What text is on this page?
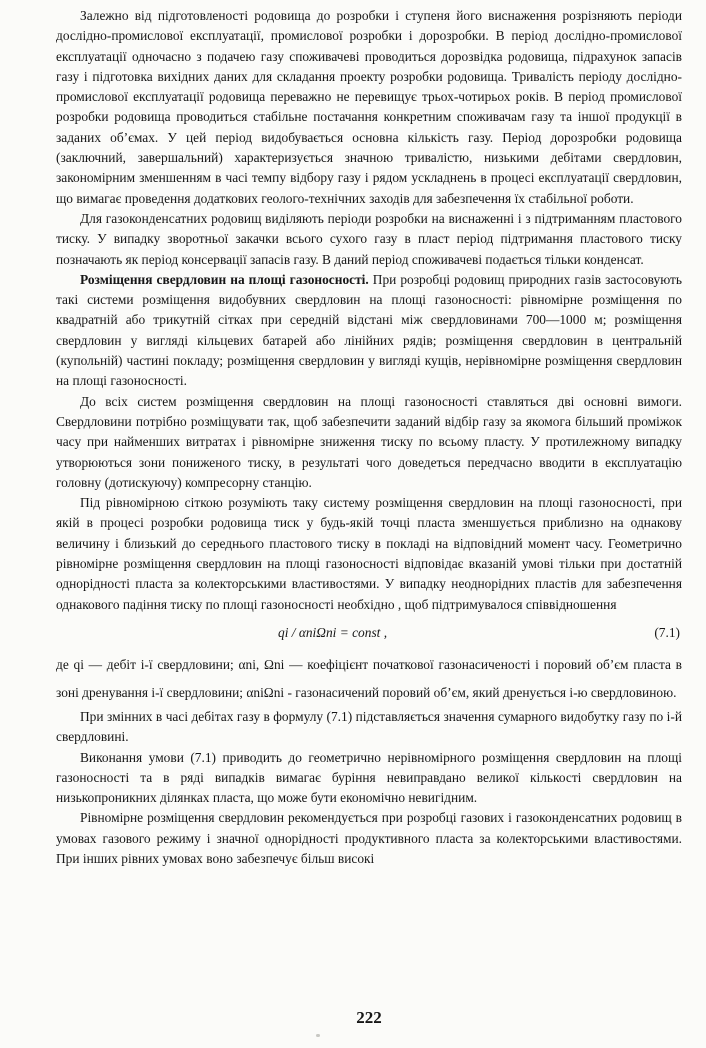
Залежно від підготовленості родовища до розробки і ступеня його виснаження розрізняють періоди дослідно-промислової експлуатації, промислової розробки і дорозробки. В період дослідно-промислової експлуатації одночасно з подачею газу споживачеві проводиться дорозвідка родовища, підрахунок запасів газу і підготовка вихідних даних для складання проекту розробки родовища. Тривалість періоду дослідно-промислової експлуатації родовища переважно не перевищує трьох-чотирьох років. В період промислової розробки родовища проводиться стабільне постачання конкретним споживачам газу та іншої продукції в заданих об’ємах. У цей період видобувається основна кількість газу. Період дорозробки родовища (заключний, завершальний) характеризується значною тривалістю, низькими дебітами свердловин, закономірним зменшенням в часі темпу відбору газу і рядом ускладнень в процесі експлуатації свердловин, що вимагає проведення додаткових геолого-технічних заходів для забезпечення їх стабільної роботи.

Для газоконденсатних родовищ виділяють періоди розробки на виснаженні і з підтриманням пластового тиску. У випадку зворотньої закачки всього сухого газу в пласт період підтримання пластового тиску позначають як період консервації запасів газу. В даний період споживачеві подається тільки конденсат.

Розміщення свердловин на площі газоносності. При розробці родовищ природних газів застосовують такі системи розміщення видобувних свердловин на площі газоносності: рівномірне розміщення по квадратній або трикутній сітках при середній відстані між свердловинами 700—1000 м; розміщення свердловин у вигляді кільцевих батарей або лінійних рядів; розміщення свердловин в центральній (купольній) частині покладу; розміщення свердловин у вигляді кущів, нерівномірне розміщення свердловин на площі газоносності.

До всіх систем розміщення свердловин на площі газоносності ставляться дві основні вимоги. Свердловини потрібно розміщувати так, щоб забезпечити заданий відбір газу за якомога більший проміжок часу при найменших витратах і рівномірне зниження тиску по всьому пласту. У протилежному випадку утворюються зони пониженого тиску, в результаті чого доведеться передчасно вводити в експлуатацію головну (дотискуючу) компресорну станцію.

Під рівномірною сіткою розуміють таку систему розміщення свердловин на площі газоносності, при якій в процесі розробки родовища тиск у будь-якій точці пласта зменшується приблизно на однакову величину і близький до середнього пластового тиску в покладі на відповідний момент часу. Геометрично рівномірне розміщення свердловин на площі газоносності відповідає вказаній умові тільки при достатній однорідності пласта за колекторськими властивостями. У випадку неоднорідних пластів для забезпечення однакового падіння тиску по площі газоносності необхідно , щоб підтримувалося співвідношення

qi / αniΩni = const ,	(7.1)

де qi — дебіт i-ї свердловини; αni, Ωni — коефіцієнт початкової газонасиченості і поровий об’єм пласта в зоні дренування i-ї свердловини; αniΩni - газонасичений поровий об’єм, який дренується i-ю свердловиною.

При змінних в часі дебітах газу в формулу (7.1) підставляється значення сумарного видобутку газу по i-й свердловині.

Виконання умови (7.1) приводить до геометрично нерівномірного розміщення свердловин на площі газоносності та в ряді випадків вимагає буріння невиправдано великої кількості свердловин на низькопроникних ділянках пласта, що може бути економічно невигідним.

Рівномірне розміщення свердловин рекомендується при розробці газових і газоконденсатних родовищ в умовах газового режиму і значної однорідності продуктивного пласта за колекторськими властивостями. При інших рівних умовах воно забезпечує більш високі

222
